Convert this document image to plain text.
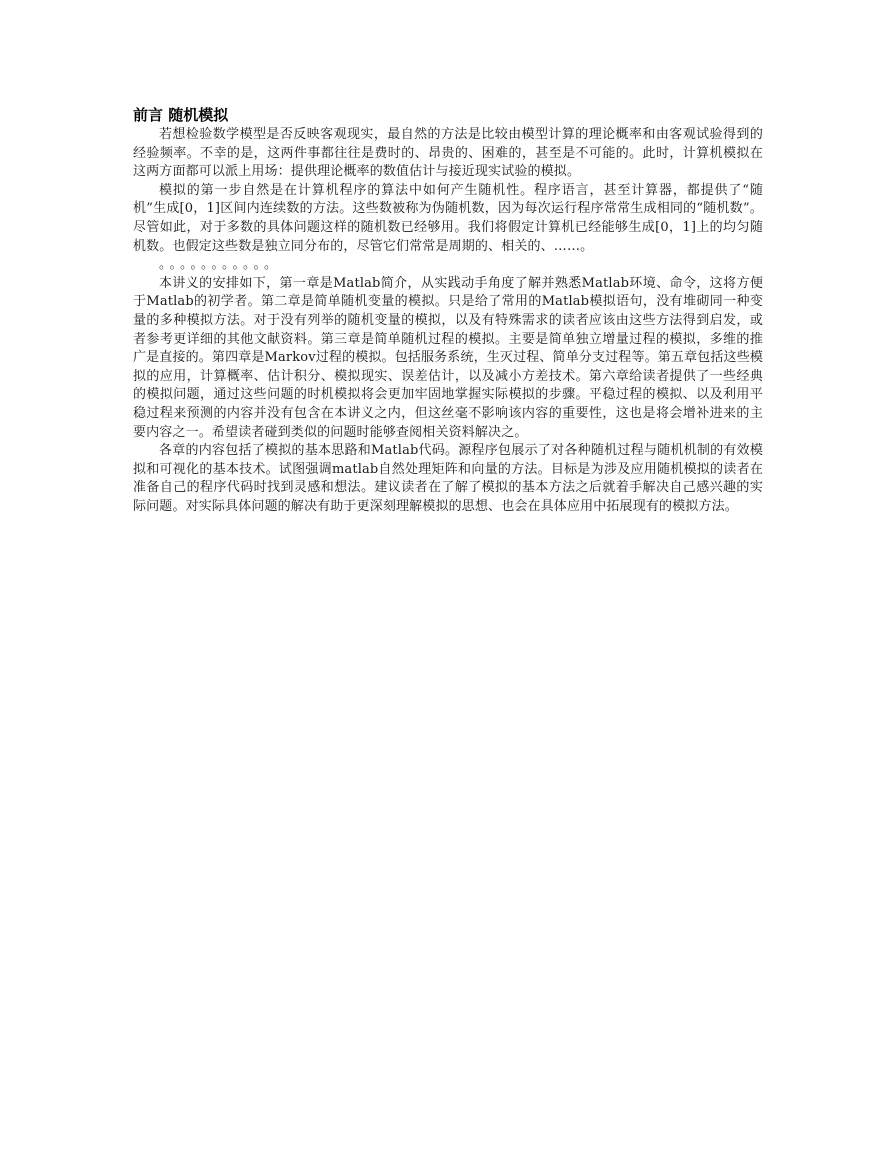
前言 随机模拟

若想检验数学模型是否反映客观现实，最自然的方法是比较由模型计算的理论概率和由客观试验得到的经验频率。不幸的是，这两件事都往往是费时的、昂贵的、困难的，甚至是不可能的。此时，计算机模拟在这两方面都可以派上用场：提供理论概率的数值估计与接近现实试验的模拟。

模拟的第一步自然是在计算机程序的算法中如何产生随机性。程序语言，甚至计算器，都提供了“随机”生成[0，1]区间内连续数的方法。这些数被称为伪随机数，因为每次运行程序常常生成相同的“随机数”。尽管如此，对于多数的具体问题这样的随机数已经够用。我们将假定计算机已经能够生成[0，1]上的均匀随机数。也假定这些数是独立同分布的，尽管它们常常是周期的、相关的、……。

。。。。。。。。。。。

本讲义的安排如下，第一章是Matlab简介，从实践动手角度了解并熟悉Matlab环境、命令，这将方便于Matlab的初学者。第二章是简单随机变量的模拟。只是给了常用的Matlab模拟语句，没有堆砌同一种变量的多种模拟方法。对于没有列举的随机变量的模拟，以及有特殊需求的读者应该由这些方法得到启发，或者参考更详细的其他文献资料。第三章是简单随机过程的模拟。主要是简单独立增量过程的模拟，多维的推广是直接的。第四章是Markov过程的模拟。包括服务系统，生灭过程、简单分支过程等。第五章包括这些模拟的应用，计算概率、估计积分、模拟现实、误差估计，以及减小方差技术。第六章给读者提供了一些经典的模拟问题，通过这些问题的时机模拟将会更加牢固地掌握实际模拟的步骤。平稳过程的模拟、以及利用平稳过程来预测的内容并没有包含在本讲义之内，但这丝毫不影响该内容的重要性，这也是将会增补进来的主要内容之一。希望读者碰到类似的问题时能够查阅相关资料解决之。

各章的内容包括了模拟的基本思路和Matlab代码。源程序包展示了对各种随机过程与随机机制的有效模拟和可视化的基本技术。试图强调matlab自然处理矩阵和向量的方法。目标是为涉及应用随机模拟的读者在准备自己的程序代码时找到灵感和想法。建议读者在了解了模拟的基本方法之后就着手解决自己感兴趣的实际问题。对实际具体问题的解决有助于更深刻理解模拟的思想、也会在具体应用中拓展现有的模拟方法。
